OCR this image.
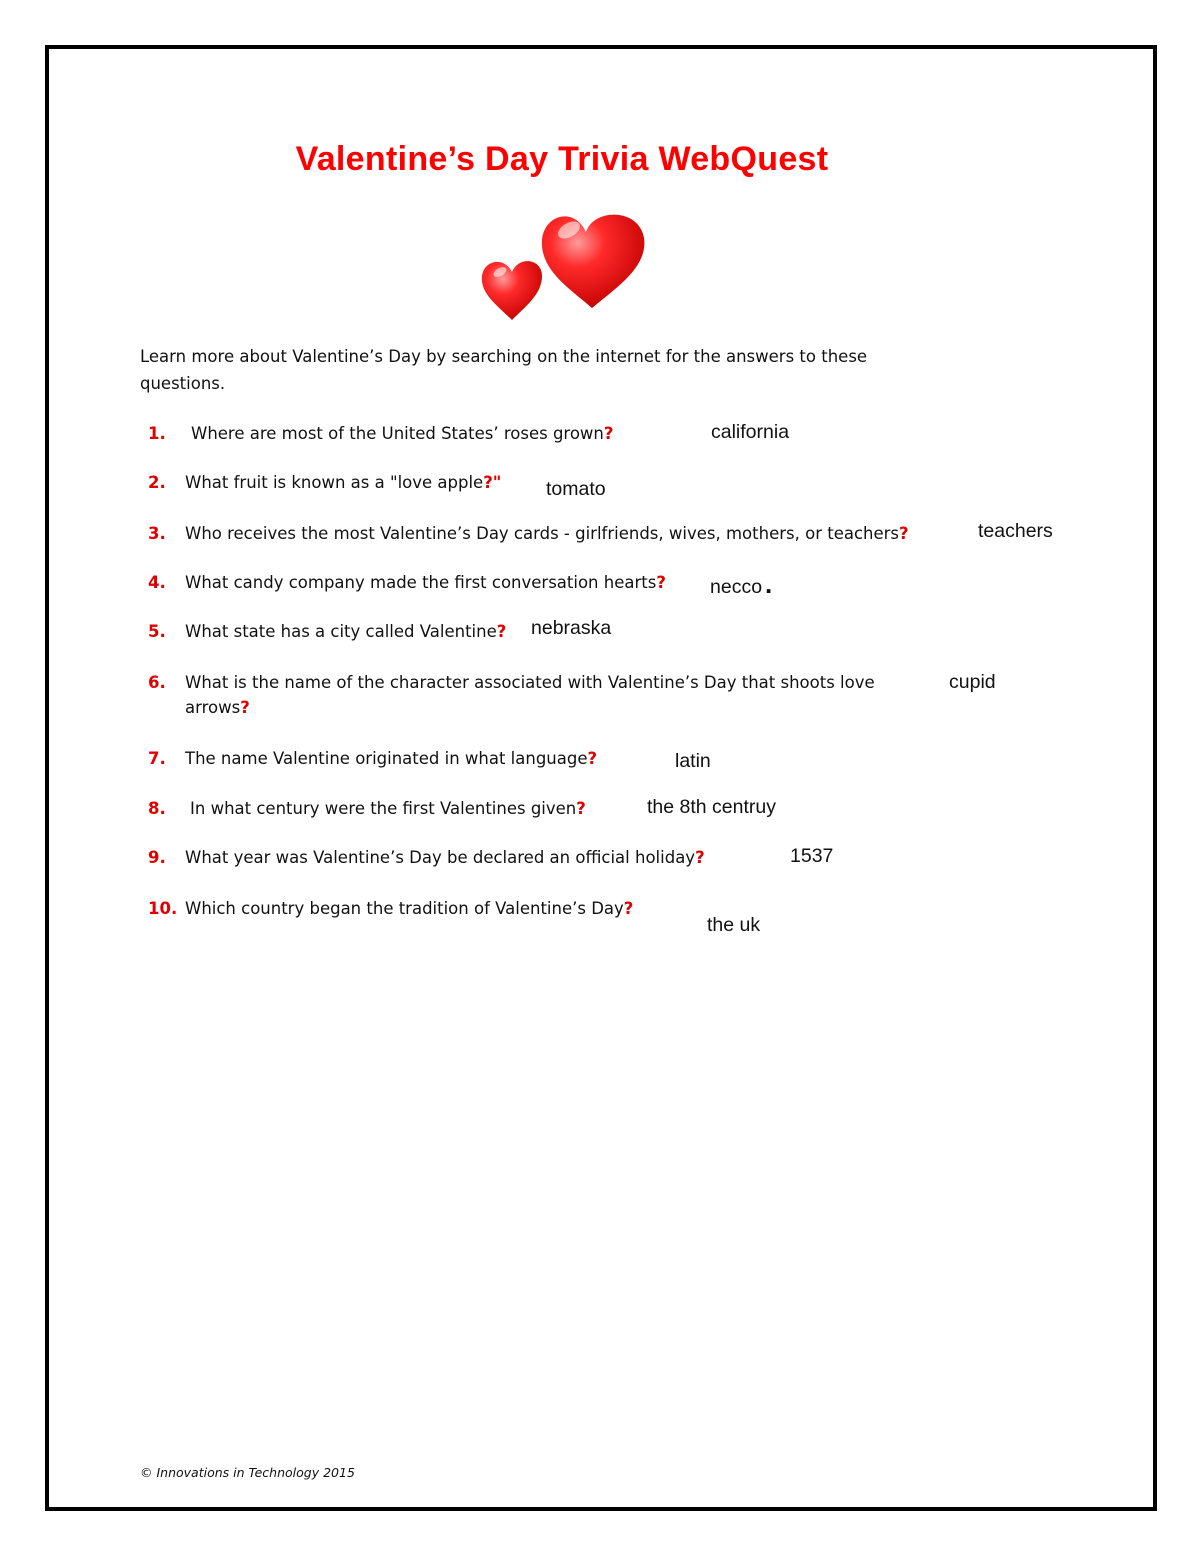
Valentine’s Day Trivia WebQuest
Learn more about Valentine’s Day by searching on the internet for the answers to these questions.
1. Where are most of the United States’ roses grown?	california
2. What fruit is known as a "love apple?" tomato
3. Who receives the most Valentine’s Day cards - girlfriends, wives, mothers, or teachers?	teachers
4. What candy company made the first conversation hearts? necco .
5. What state has a city called Valentine? nebraska
6. What is the name of the character associated with Valentine’s Day that shoots love arrows?
cupid
7. The name Valentine originated in what language?	latin
8. In what century were the first Valentines given?	the 8th centruy
9. What year was Valentine’s Day be declared an official holiday?	1537
10. Which country began the tradition of Valentine’s Day?
the uk
© Innovations in Technology 2015
